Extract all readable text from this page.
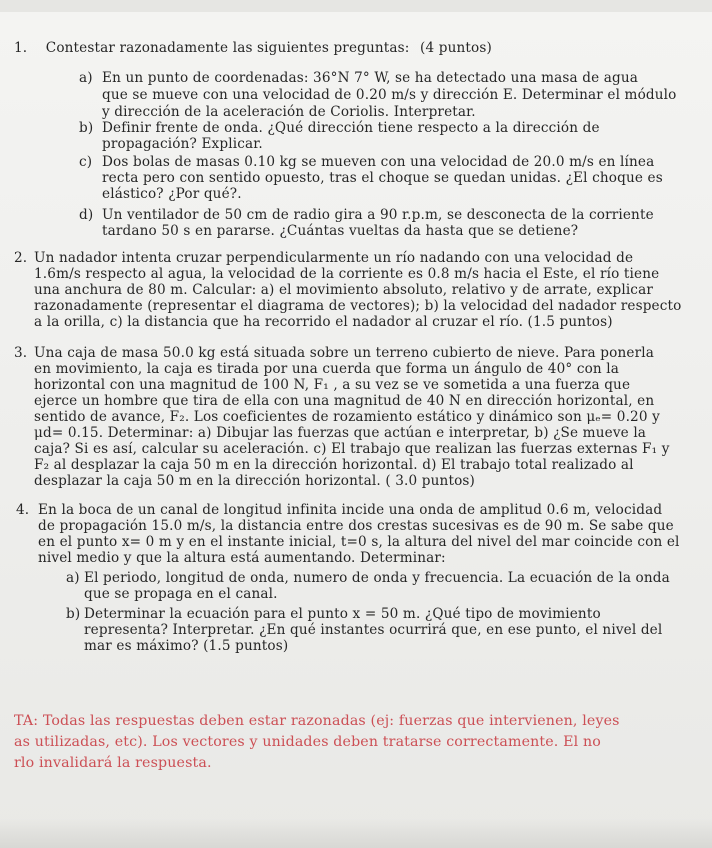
1. Contestar razonadamente las siguientes preguntas: (4 puntos)
a) En un punto de coordenadas: 36°N 7° W, se ha detectado una masa de agua
que se mueve con una velocidad de 0.20 m/s y dirección E. Determinar el módulo
y dirección de la aceleración de Coriolis. Interpretar.
b) Definir frente de onda. ¿Qué dirección tiene respecto a la dirección de
propagación? Explicar.
c) Dos bolas de masas 0.10 kg se mueven con una velocidad de 20.0 m/s en línea
recta pero con sentido opuesto, tras el choque se quedan unidas. ¿El choque es
elástico? ¿Por qué?.
d) Un ventilador de 50 cm de radio gira a 90 r.p.m, se desconecta de la corriente
tardano 50 s en pararse. ¿Cuántas vueltas da hasta que se detiene?
2. Un nadador intenta cruzar perpendicularmente un río nadando con una velocidad de
1.6m/s respecto al agua, la velocidad de la corriente es 0.8 m/s hacia el Este, el río tiene
una anchura de 80 m. Calcular: a) el movimiento absoluto, relativo y de arrate, explicar
razonadamente (representar el diagrama de vectores); b) la velocidad del nadador respecto
a la orilla, c) la distancia que ha recorrido el nadador al cruzar el río. (1.5 puntos)
3. Una caja de masa 50.0 kg está situada sobre un terreno cubierto de nieve. Para ponerla
en movimiento, la caja es tirada por una cuerda que forma un ángulo de 40° con la
horizontal con una magnitud de 100 N, F₁ , a su vez se ve sometida a una fuerza que
ejerce un hombre que tira de ella con una magnitud de 40 N en dirección horizontal, en
sentido de avance, F₂. Los coeficientes de rozamiento estático y dinámico son μₑ= 0.20 y
μd= 0.15. Determinar: a) Dibujar las fuerzas que actúan e interpretar, b) ¿Se mueve la
caja? Si es así, calcular su aceleración. c) El trabajo que realizan las fuerzas externas F₁ y
F₂ al desplazar la caja 50 m en la dirección horizontal. d) El trabajo total realizado al
desplazar la caja 50 m en la dirección horizontal. ( 3.0 puntos)
4. En la boca de un canal de longitud infinita incide una onda de amplitud 0.6 m, velocidad
de propagación 15.0 m/s, la distancia entre dos crestas sucesivas es de 90 m. Se sabe que
en el punto x= 0 m y en el instante inicial, t=0 s, la altura del nivel del mar coincide con el
nivel medio y que la altura está aumentando. Determinar:
a) El periodo, longitud de onda, numero de onda y frecuencia. La ecuación de la onda
que se propaga en el canal.
b) Determinar la ecuación para el punto x = 50 m. ¿Qué tipo de movimiento
representa? Interpretar. ¿En qué instantes ocurrirá que, en ese punto, el nivel del
mar es máximo? (1.5 puntos)
TA: Todas las respuestas deben estar razonadas (ej: fuerzas que intervienen, leyes
as utilizadas, etc). Los vectores y unidades deben tratarse correctamente. El no
rlo invalidará la respuesta.
